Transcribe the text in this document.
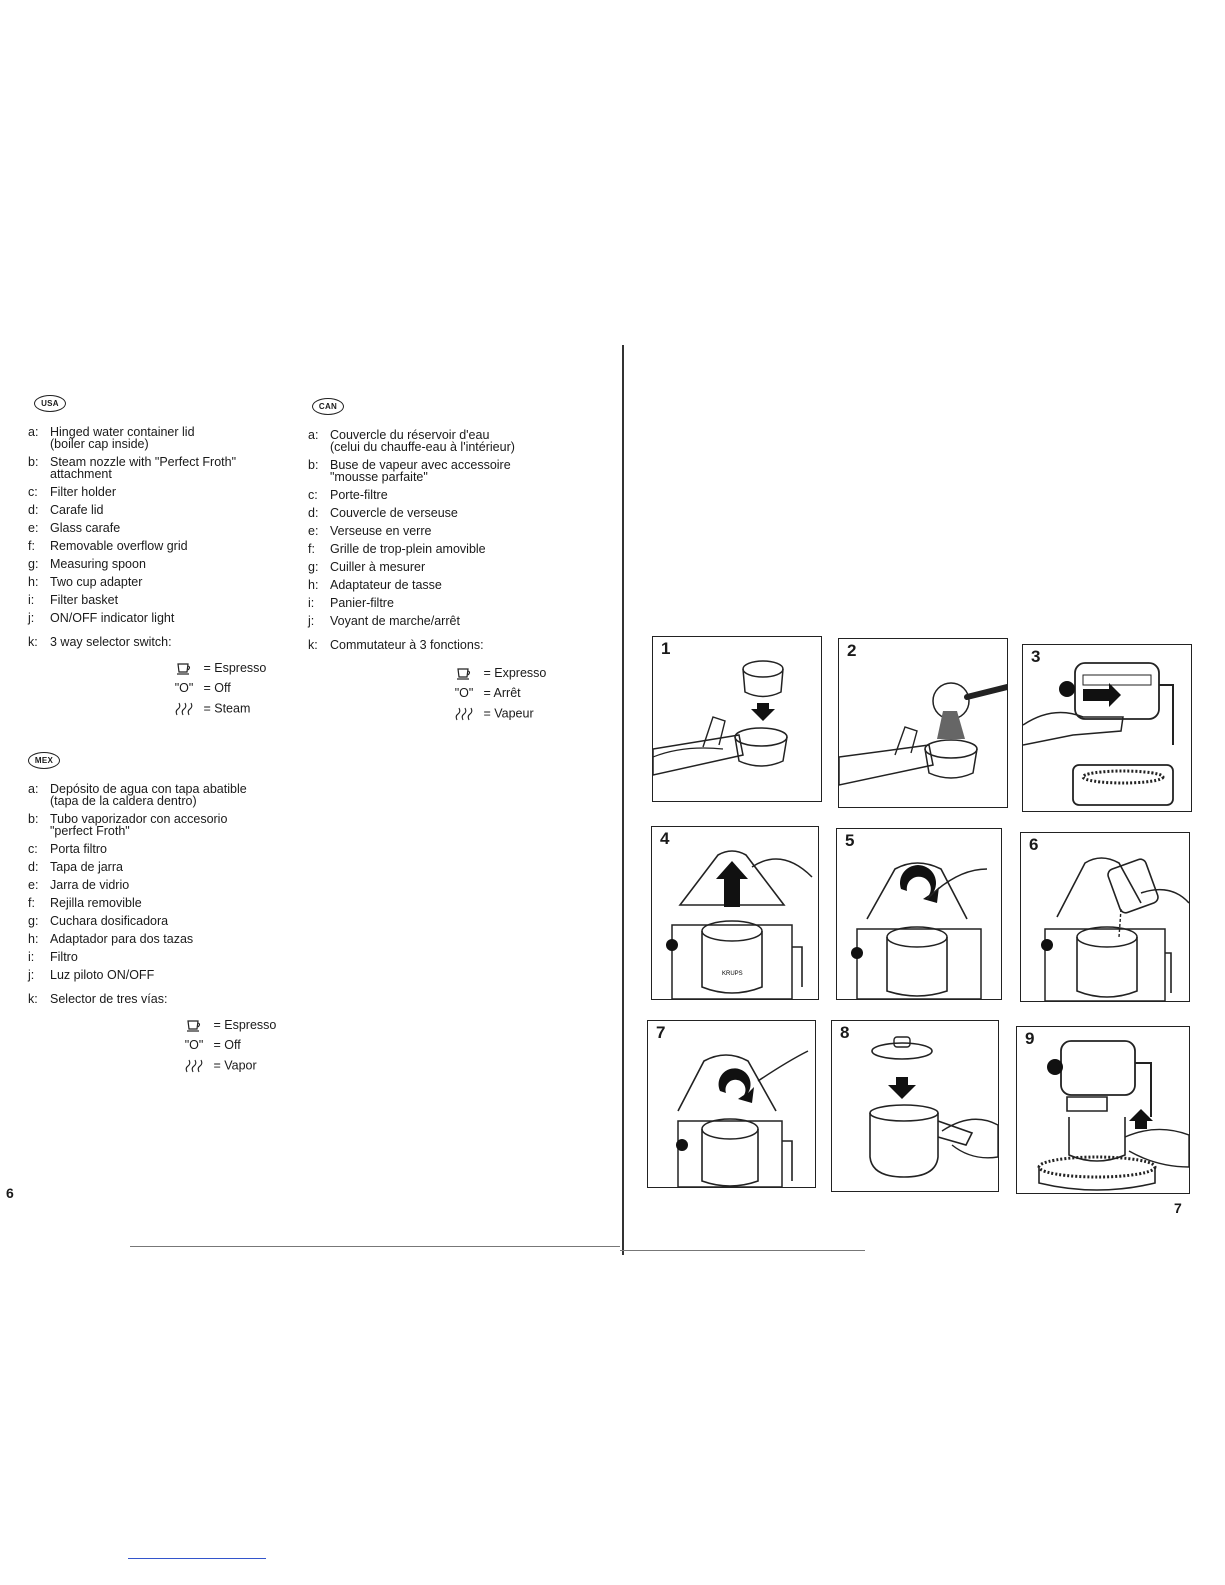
USA
a: Hinged water container lid
(boiler cap inside)
b: Steam nozzle with "Perfect Froth"
attachment
c: Filter holder
d: Carafe lid
e: Glass carafe
f:	Removable overflow grid
g: Measuring spoon
h: Two cup adapter
i:	Filter basket
j:	ON/OFF indicator light
k: 3 way selector switch:
= Espresso
"O" = Off
= Steam
CAN
a: Couvercle du réservoir d'eau
(celui du chauffe-eau à l'intérieur)
b: Buse de vapeur avec accessoire
"mousse parfaite"
c: Porte-filtre
d: Couvercle de verseuse
e: Verseuse en verre
f:	Grille de trop-plein amovible
g: Cuiller à mesurer
h: Adaptateur de tasse
i:	Panier-filtre
j:	Voyant de marche/arrêt
k: Commutateur à 3 fonctions:
= Expresso
"O" = Arrêt
= Vapeur
MEX
a: Depósito de agua con tapa abatible
(tapa de la caldera dentro)
b: Tubo vaporizador con accesorio
"perfect Froth"
c: Porta filtro
d: Tapa de jarra
e: Jarra de vidrio
f:	Rejilla removible
g: Cuchara dosificadora
h: Adaptador para dos tazas
i:	Filtro
j:	Luz piloto ON/OFF
k: Selector de tres vías:
= Espresso
"O" = Off
= Vapor
6
7
1	2	3
4
KRUPS
5	6
7	8	9
